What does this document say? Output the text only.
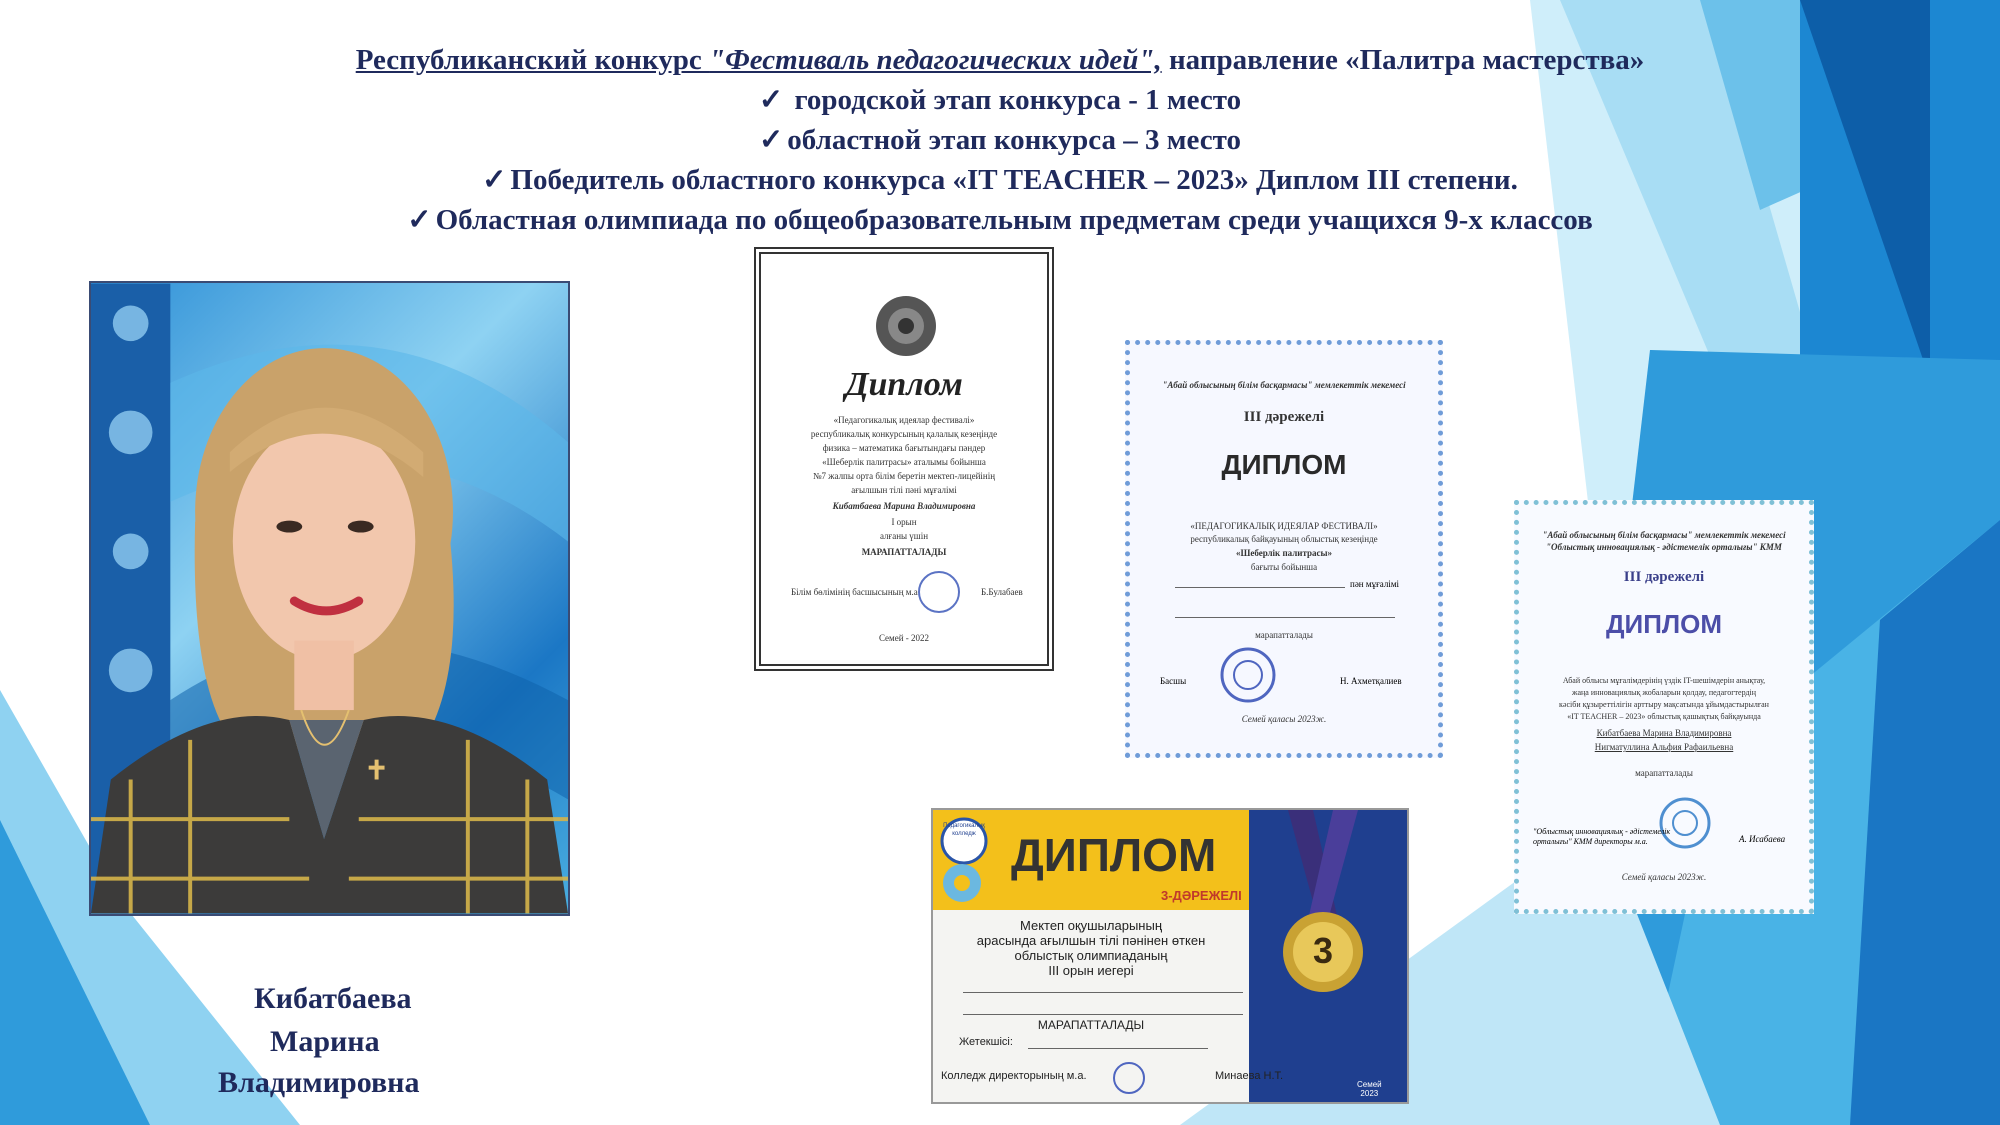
Республиканский конкурс "Фестиваль педагогических идей", направление «Палитра мастерства»
✓ городской этап конкурса - 1 место
✓ областной этап конкурса – 3 место
✓ Победитель областного конкурса «IT TEACHER – 2023» Диплом III степени.
✓ Областная олимпиада по общеобразовательным предметам среди учащихся 9-х классов
Диплом
«Педагогикалық идеялар фестивалі»
республикалық конкурсының қалалық кезеңінде
физика – математика бағытындағы пәндер
«Шеберлік палитрасы» аталымы бойынша
№7 жалпы орта білім беретін мектеп-лицейінің
ағылшын тілі пәні мұғалімі
Кибатбаева Марина Владимировна
I орын
алғаны үшін
МАРАПАТТАЛАДЫ
Білім бөлімінің басшысының м.а.	Б.Булабаев
Семей - 2022
"Абай облысының білім басқармасы" мемлекеттік мекемесі
III дәрежелі
ДИПЛОМ
«ПЕДАГОГИКАЛЫҚ ИДЕЯЛАР ФЕСТИВАЛІ»
республикалық байқауының облыстық кезеңінде
«Шеберлік палитрасы»
бағыты бойынша
пән мұғалімі
марапатталады
Басшы	Н. Ахметқалиев
Семей қаласы 2023ж.
"Абай облысының білім басқармасы" мемлекеттік мекемесі
"Облыстық инновациялық - әдістемелік орталығы" КММ
III дәрежелі
ДИПЛОМ
Абай облысы мұғалімдерінің үздік IT-шешімдерін анықтау,
жаңа инновациялық жобаларын қолдау, педагогтердің
кәсіби құзыреттілігін арттыру мақсатында ұйымдастырылған
«IT TEACHER – 2023» облыстық қашықтық байқауында
Кибатбаева Марина Владимировна
Нигматуллина Альфия Рафаильевна
марапатталады
"Облыстық инновациялық - әдістемелік орталығы" КММ директоры м.а.	А. Исабаева
Семей қаласы 2023ж.
Педагогикалық колледж ДИПЛОМ
3-ДӘРЕЖЕЛІ
3
Мектеп оқушыларының
арасында ағылшын тілі пәнінен өткен
облыстық олимпиаданың
III орын иегері
МАРАПАТТАЛАДЫ
Жетекшісі:
Колледж директорының м.а.	Минаева Н.Т.
Семей
2023
Кибатбаева
Марина
Владимировна
